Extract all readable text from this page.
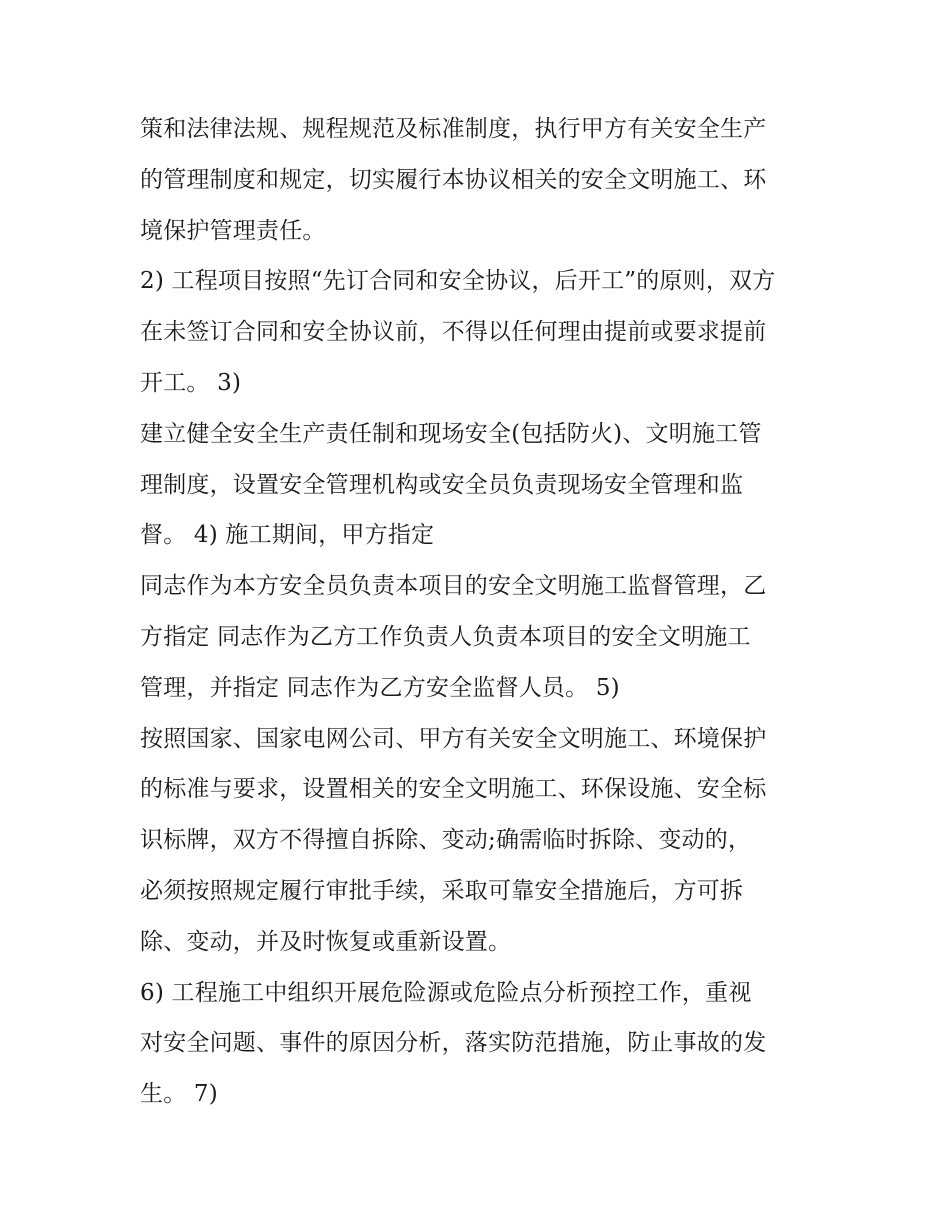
策和法律法规、规程规范及标准制度，执行甲方有关安全生产
的管理制度和规定，切实履行本协议相关的安全文明施工、环
境保护管理责任。
2) 工程项目按照“先订合同和安全协议，后开工”的原则，双方
在未签订合同和安全协议前，不得以任何理由提前或要求提前
开工。 3)
建立健全安全生产责任制和现场安全(包括防火)、文明施工管
理制度，设置安全管理机构或安全员负责现场安全管理和监
督。 4) 施工期间，甲方指定
同志作为本方安全员负责本项目的安全文明施工监督管理，乙
方指定 同志作为乙方工作负责人负责本项目的安全文明施工
管理，并指定 同志作为乙方安全监督人员。 5)
按照国家、国家电网公司、甲方有关安全文明施工、环境保护
的标准与要求，设置相关的安全文明施工、环保设施、安全标
识标牌，双方不得擅自拆除、变动;确需临时拆除、变动的，
必须按照规定履行审批手续，采取可靠安全措施后，方可拆
除、变动，并及时恢复或重新设置。
6) 工程施工中组织开展危险源或危险点分析预控工作，重视
对安全问题、事件的原因分析，落实防范措施，防止事故的发
生。 7)
